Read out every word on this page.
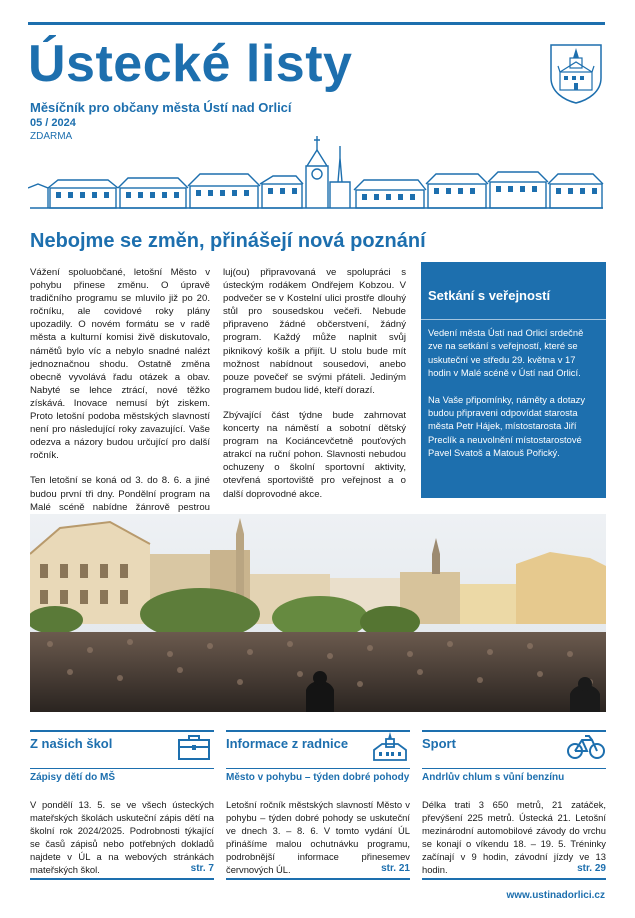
Ústecké listy
Měsíčník pro občany města Ústí nad Orlicí
05 / 2024
ZDARMA
Nebojme se změn, přinášejí nová poznání

Vážení spoluobčané, letošní Město v pohybu přinese změnu. O úpravě tradičního programu se mluvilo již po 20. ročníku, ale covidové roky plány upozadily. O novém formátu se v radě města a kulturní komisi živě diskutovalo, námětů bylo víc a nebylo snadné nalézt jednoznačnou shodu. Ostatně změna obecně vyvolává řadu otázek a obav. Nabyté se lehce ztrácí, nové těžko získává. Inovace nemusí být ziskem. Proto letošní podoba městských slavností není pro následující roky zavazující. Vaše odezva a názory budou určující pro další ročník.

Ten letošní se koná od 3. do 8. 6. a jiné budou první tři dny. Pondělní program na Malé scéně nabídne žánrově pestrou

luj(ou) připravovaná ve spolupráci s ústeckým rodákem Ondřejem Kobzou. V podvečer se v Kostelní ulici prostře dlouhý stůl pro sousedskou večeři. Nebude připraveno žádné občerstvení, žádný program. Každý může naplnit svůj piknikový košík a přijít. U stolu bude mít možnost nabídnout sousedovi, anebo pouze povečeř se svými přáteli. Jediným programem budou lidé, kteří dorazí.

Zbývající část týdne bude zahrnovat koncerty na náměstí a sobotní dětský program na Kociáncevčetně pouťových atrakcí na ruční pohon. Slavnosti nebudou ochuzeny o školní sportovní aktivity, otevřená sportoviště pro veřejnost a o další doprovodné akce.

Setkání s veřejností

Vedení města Ústí nad Orlicí srdečně zve na setkání s veřejností, které se uskuteční ve středu 29. května v 17 hodin v Malé scéně v Ústí nad Orlicí.

Na Vaše připomínky, náměty a dotazy budou připraveni odpovídat starosta města Petr Hájek, místostarosta Jiří Preclík a neuvolnění místostarostové Pavel Svatoš a Matouš Pořický.

Z našich škol
Zápisy dětí do MŠ
V pondělí 13. 5. se ve všech ústeckých mateřských školách uskuteční zápis dětí na školní rok 2024/2025. Podrobnosti týkající se časů zápisů nebo potřebných dokladů najdete v ÚL a na webových stránkách mateřských škol.	str. 7
Informace z radnice
Město v pohybu – týden dobré pohody
Letošní ročník městských slavností Město v pohybu – týden dobré pohody se uskuteční ve dnech 3. – 8. 6. V tomto vydání ÚL přinášíme malou ochutnávku programu, podrobnější informace přinesemev červnových ÚL.	str. 21
Sport
Andrlův chlum s vůní benzínu
Délka trati 3 650 metrů, 21 zatáček, převýšení 225 metrů. Ústecká 21. Letošní mezinárodní automobilové závody do vrchu se konají o víkendu 18. – 19. 5. Tréninky začínají v 9 hodin, závodní jízdy ve 13 hodin.	str. 29
www.ustinadorlici.cz
